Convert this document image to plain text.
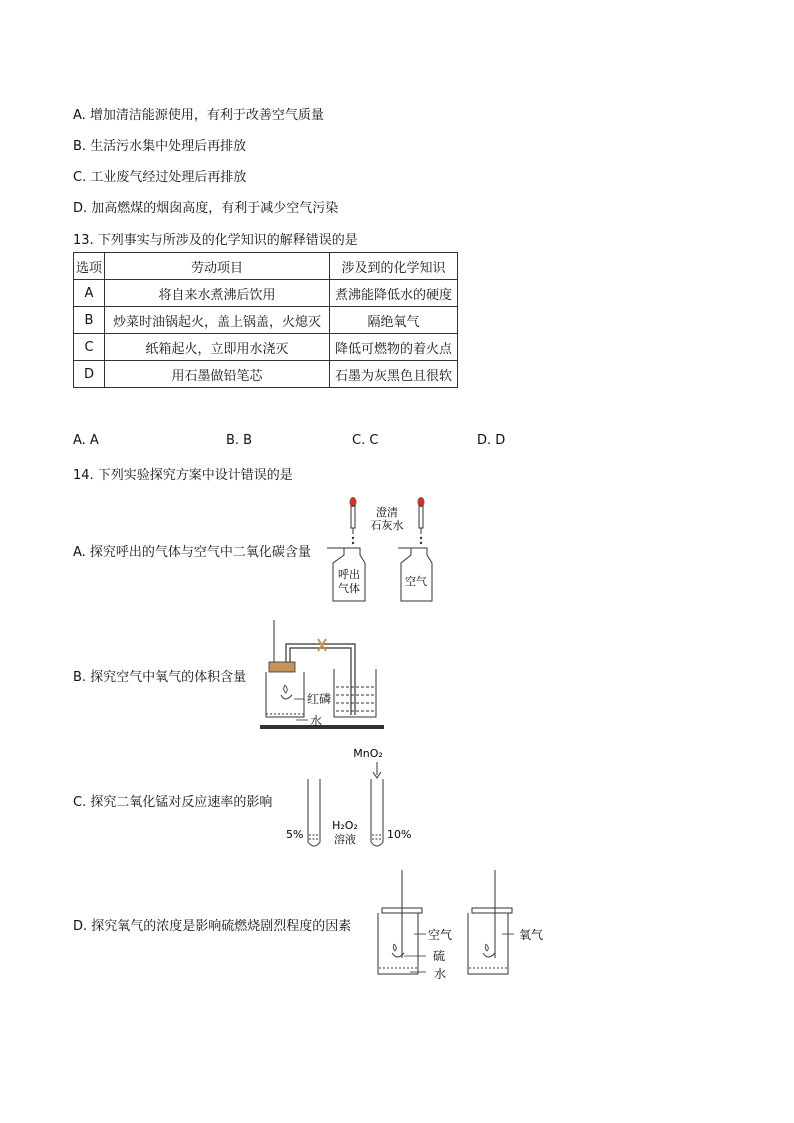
A. 增加清洁能源使用，有利于改善空气质量
B. 生活污水集中处理后再排放
C. 工业废气经过处理后再排放
D. 加高燃煤的烟囱高度，有利于减少空气污染
13. 下列事实与所涉及的化学知识的解释错误的是
选项	劳动项目	涉及到的化学知识
A	将自来水煮沸后饮用	煮沸能降低水的硬度
B	炒菜时油锅起火，盖上锅盖，火熄灭	隔绝氧气
C	纸箱起火，立即用水浇灭	降低可燃物的着火点
D	用石墨做铅笔芯	石墨为灰黑色且很软
A. A	B. B	C. C	D. D
14. 下列实验探究方案中设计错误的是
A. 探究呼出的气体与空气中二氧化碳含量
B. 探究空气中氧气的体积含量
C. 探究二氧化锰对反应速率的影响
D. 探究氧气的浓度是影响硫燃烧剧烈程度的因素
澄清
石灰水
呼出
气体
空气
红磷
水
MnO₂
5%
H₂O₂
溶液	10%
空气
硫
水
氧气
